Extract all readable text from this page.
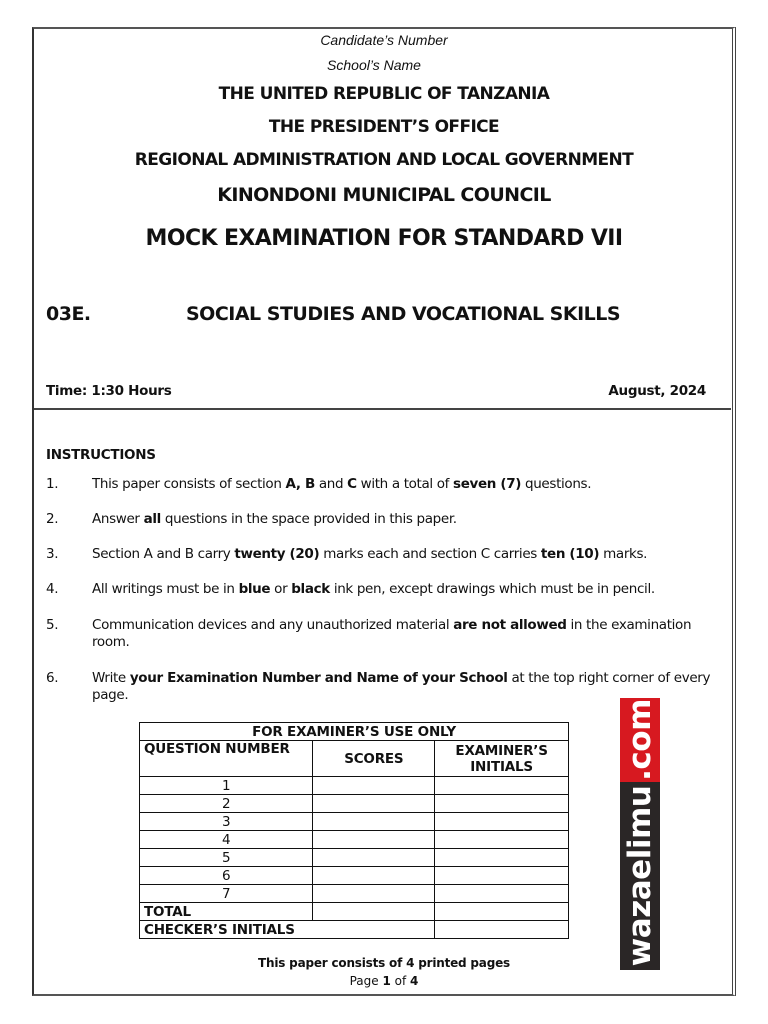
Candidate’s Number
School’s Name
THE UNITED REPUBLIC OF TANZANIA
THE PRESIDENT’S OFFICE
REGIONAL ADMINISTRATION AND LOCAL GOVERNMENT
KINONDONI MUNICIPAL COUNCIL
MOCK EXAMINATION FOR STANDARD VII
03E.	SOCIAL STUDIES AND VOCATIONAL SKILLS
Time: 1:30 Hours	August, 2024
INSTRUCTIONS
1.	This paper consists of section A, B and C with a total of seven (7) questions.
2.	Answer all questions in the space provided in this paper.
3.	Section A and B carry twenty (20) marks each and section C carries ten (10) marks.
4.	All writings must be in blue or black ink pen, except drawings which must be in pencil.
5.	Communication devices and any unauthorized material are not allowed in the examination room.
6.	Write your Examination Number and Name of your School at the top right corner of every page.
FOR EXAMINER’S USE ONLY		
QUESTION NUMBER	SCORES	EXAMINER’S INITIALS
1		
2		
3		
4		
5		
6		
7		
TOTAL		
CHECKER’S INITIALS		
.com
wazaelimu
This paper consists of 4 printed pages
Page 1 of 4
